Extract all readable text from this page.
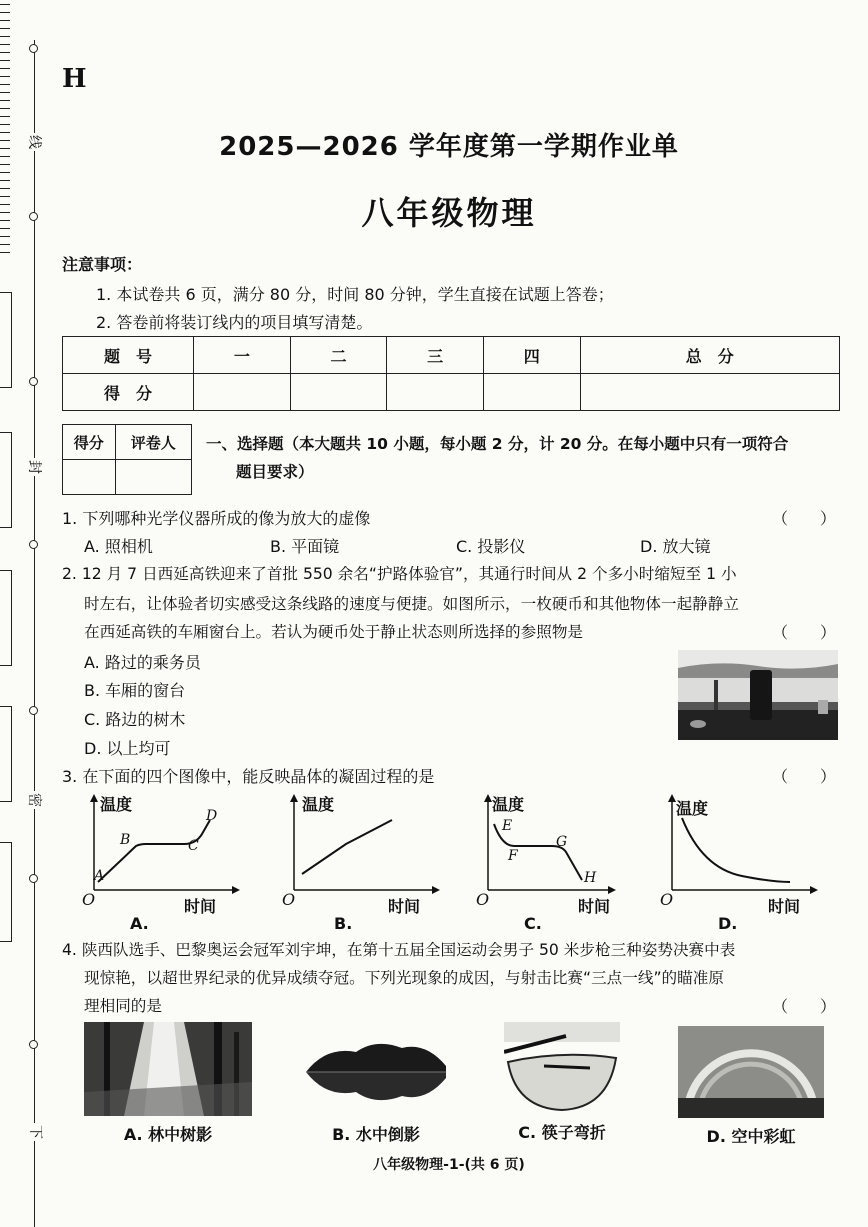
线
封
密
下
H
2025—2026 学年度第一学期作业单
八年级物理
注意事项：
1. 本试卷共 6 页，满分 80 分，时间 80 分钟，学生直接在试题上答卷；
2. 答卷前将装订线内的项目填写清楚。
题　号	一	二	三	四	总　分
得　分					
得分	评卷人
	一、选择题（本大题共 10 小题，每小题 2 分，计 20 分。在每小题中只有一项符合
题目要求）
1. 下列哪种光学仪器所成的像为放大的虚像	（　　）
A. 照相机	B. 平面镜	C. 投影仪	D. 放大镜
2. 12 月 7 日西延高铁迎来了首批 550 余名“护路体验官”，其通行时间从 2 个多小时缩短至 1 小
时左右，让体验者切实感受这条线路的速度与便捷。如图所示，一枚硬币和其他物体一起静静立
在西延高铁的车厢窗台上。若认为硬币处于静止状态则所选择的参照物是	（　　）
A. 路过的乘务员
B. 车厢的窗台
C. 路边的树木
D. 以上均可
3. 在下面的四个图像中，能反映晶体的凝固过程的是	（　　）
温度
时间
O
A
B	C
D
A.
温度
时间
O
B.
温度
时间
O
E
F
G
H
C.
温度
时间
O
D.
4. 陕西队选手、巴黎奥运会冠军刘宇坤，在第十五届全国运动会男子 50 米步枪三种姿势决赛中表
现惊艳，以超世界纪录的优异成绩夺冠。下列光现象的成因，与射击比赛“三点一线”的瞄准原
理相同的是	（　　）
A. 林中树影	B. 水中倒影	C. 筷子弯折	D. 空中彩虹
八年级物理-1-(共 6 页)
